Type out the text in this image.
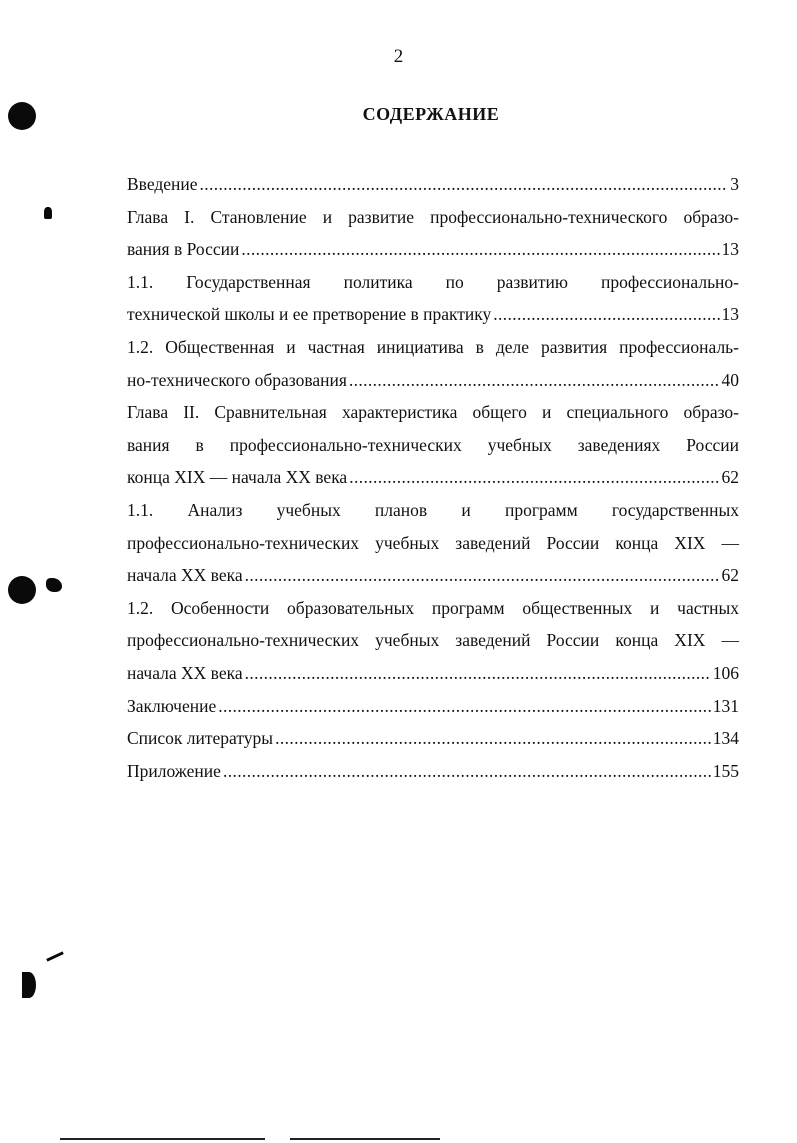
2
СОДЕРЖАНИЕ
Введение . . .	3
Глава I. Становление и развитие профессионально-технического образо-
вания в России . . .	13
1.1. Государственная политика по развитию профессионально-
технической школы и ее претворение в практику . . .	13
1.2. Общественная и частная инициатива в деле развития профессиональ-
но-технического образования . . .	40
Глава II. Сравнительная характеристика общего и специального образо-
вания в профессионально-технических учебных заведениях России
конца XIX — начала XX века . . .	62
1.1. Анализ учебных планов и программ государственных
профессионально-технических учебных заведений России конца XIX —
начала XX века . . .	62
1.2. Особенности образовательных программ общественных и частных
профессионально-технических учебных заведений России конца XIX —
начала XX века . . .	106
Заключение . . .	131
Список литературы . . .	134
Приложение . . .	155
